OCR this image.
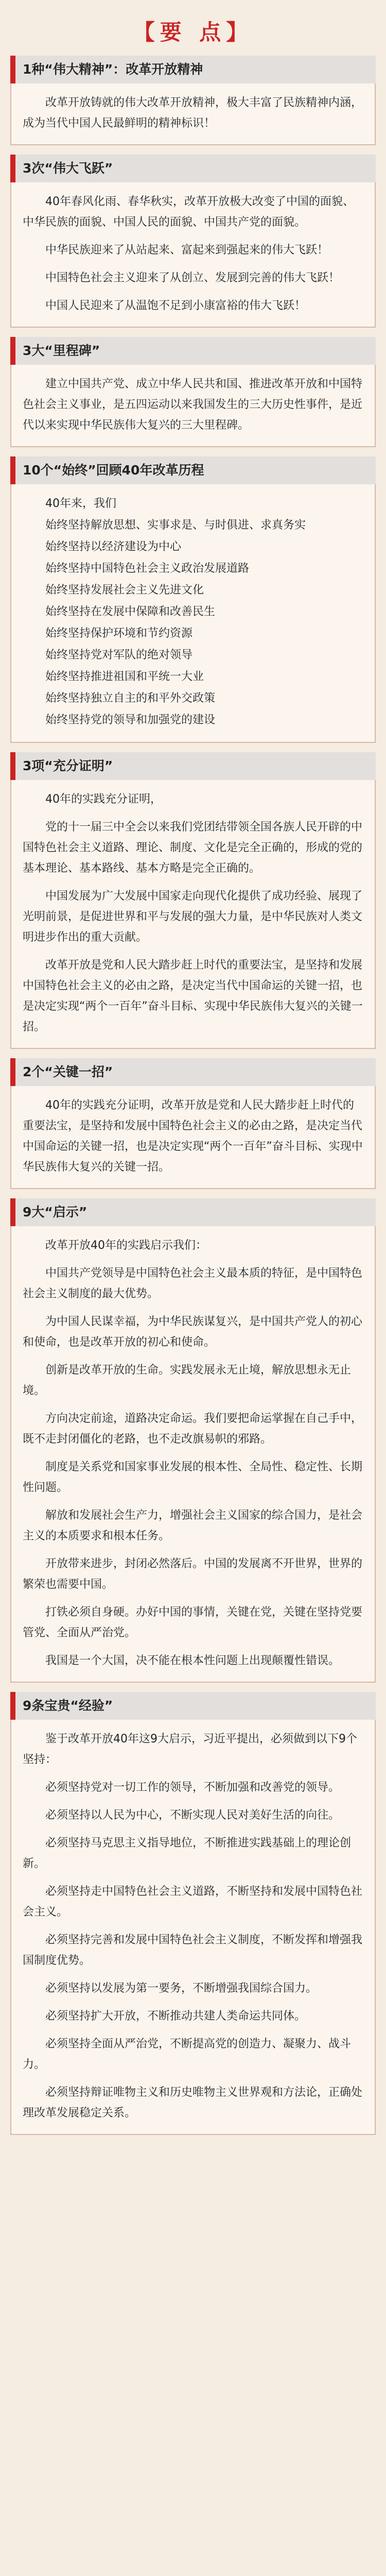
【要 点】
1种“伟大精神”：改革开放精神

改革开放铸就的伟大改革开放精神，极大丰富了民族精神内涵，成为当代中国人民最鲜明的精神标识！

3次“伟大飞跃”

40年春风化雨、春华秋实，改革开放极大改变了中国的面貌、中华民族的面貌、中国人民的面貌、中国共产党的面貌。

中华民族迎来了从站起来、富起来到强起来的伟大飞跃！

中国特色社会主义迎来了从创立、发展到完善的伟大飞跃！

中国人民迎来了从温饱不足到小康富裕的伟大飞跃！

3大“里程碑”

建立中国共产党、成立中华人民共和国、推进改革开放和中国特色社会主义事业，是五四运动以来我国发生的三大历史性事件，是近代以来实现中华民族伟大复兴的三大里程碑。

10个“始终”回顾40年改革历程
40年来，我们
始终坚持解放思想、实事求是、与时俱进、求真务实
始终坚持以经济建设为中心
始终坚持中国特色社会主义政治发展道路
始终坚持发展社会主义先进文化
始终坚持在发展中保障和改善民生
始终坚持保护环境和节约资源
始终坚持党对军队的绝对领导
始终坚持推进祖国和平统一大业
始终坚持独立自主的和平外交政策
始终坚持党的领导和加强党的建设
3项“充分证明”

40年的实践充分证明，

党的十一届三中全会以来我们党团结带领全国各族人民开辟的中国特色社会主义道路、理论、制度、文化是完全正确的，形成的党的基本理论、基本路线、基本方略是完全正确的。

中国发展为广大发展中国家走向现代化提供了成功经验、展现了光明前景，是促进世界和平与发展的强大力量，是中华民族对人类文明进步作出的重大贡献。

改革开放是党和人民大踏步赶上时代的重要法宝，是坚持和发展中国特色社会主义的必由之路，是决定当代中国命运的关键一招，也是决定实现“两个一百年”奋斗目标、实现中华民族伟大复兴的关键一招。

2个“关键一招”

40年的实践充分证明，改革开放是党和人民大踏步赶上时代的重要法宝，是坚持和发展中国特色社会主义的必由之路，是决定当代中国命运的关键一招，也是决定实现“两个一百年”奋斗目标、实现中华民族伟大复兴的关键一招。

9大“启示”

改革开放40年的实践启示我们：

中国共产党领导是中国特色社会主义最本质的特征，是中国特色社会主义制度的最大优势。

为中国人民谋幸福，为中华民族谋复兴，是中国共产党人的初心和使命，也是改革开放的初心和使命。

创新是改革开放的生命。实践发展永无止境，解放思想永无止境。

方向决定前途，道路决定命运。我们要把命运掌握在自己手中，既不走封闭僵化的老路，也不走改旗易帜的邪路。

制度是关系党和国家事业发展的根本性、全局性、稳定性、长期性问题。

解放和发展社会生产力，增强社会主义国家的综合国力，是社会主义的本质要求和根本任务。

开放带来进步，封闭必然落后。中国的发展离不开世界，世界的繁荣也需要中国。

打铁必须自身硬。办好中国的事情，关键在党，关键在坚持党要管党、全面从严治党。

我国是一个大国，决不能在根本性问题上出现颠覆性错误。

9条宝贵“经验”

鉴于改革开放40年这9大启示，习近平提出，必须做到以下9个坚持：

必须坚持党对一切工作的领导，不断加强和改善党的领导。

必须坚持以人民为中心，不断实现人民对美好生活的向往。

必须坚持马克思主义指导地位，不断推进实践基础上的理论创新。

必须坚持走中国特色社会主义道路，不断坚持和发展中国特色社会主义。

必须坚持完善和发展中国特色社会主义制度，不断发挥和增强我国制度优势。

必须坚持以发展为第一要务，不断增强我国综合国力。

必须坚持扩大开放，不断推动共建人类命运共同体。

必须坚持全面从严治党，不断提高党的创造力、凝聚力、战斗力。

必须坚持辩证唯物主义和历史唯物主义世界观和方法论，正确处理改革发展稳定关系。
